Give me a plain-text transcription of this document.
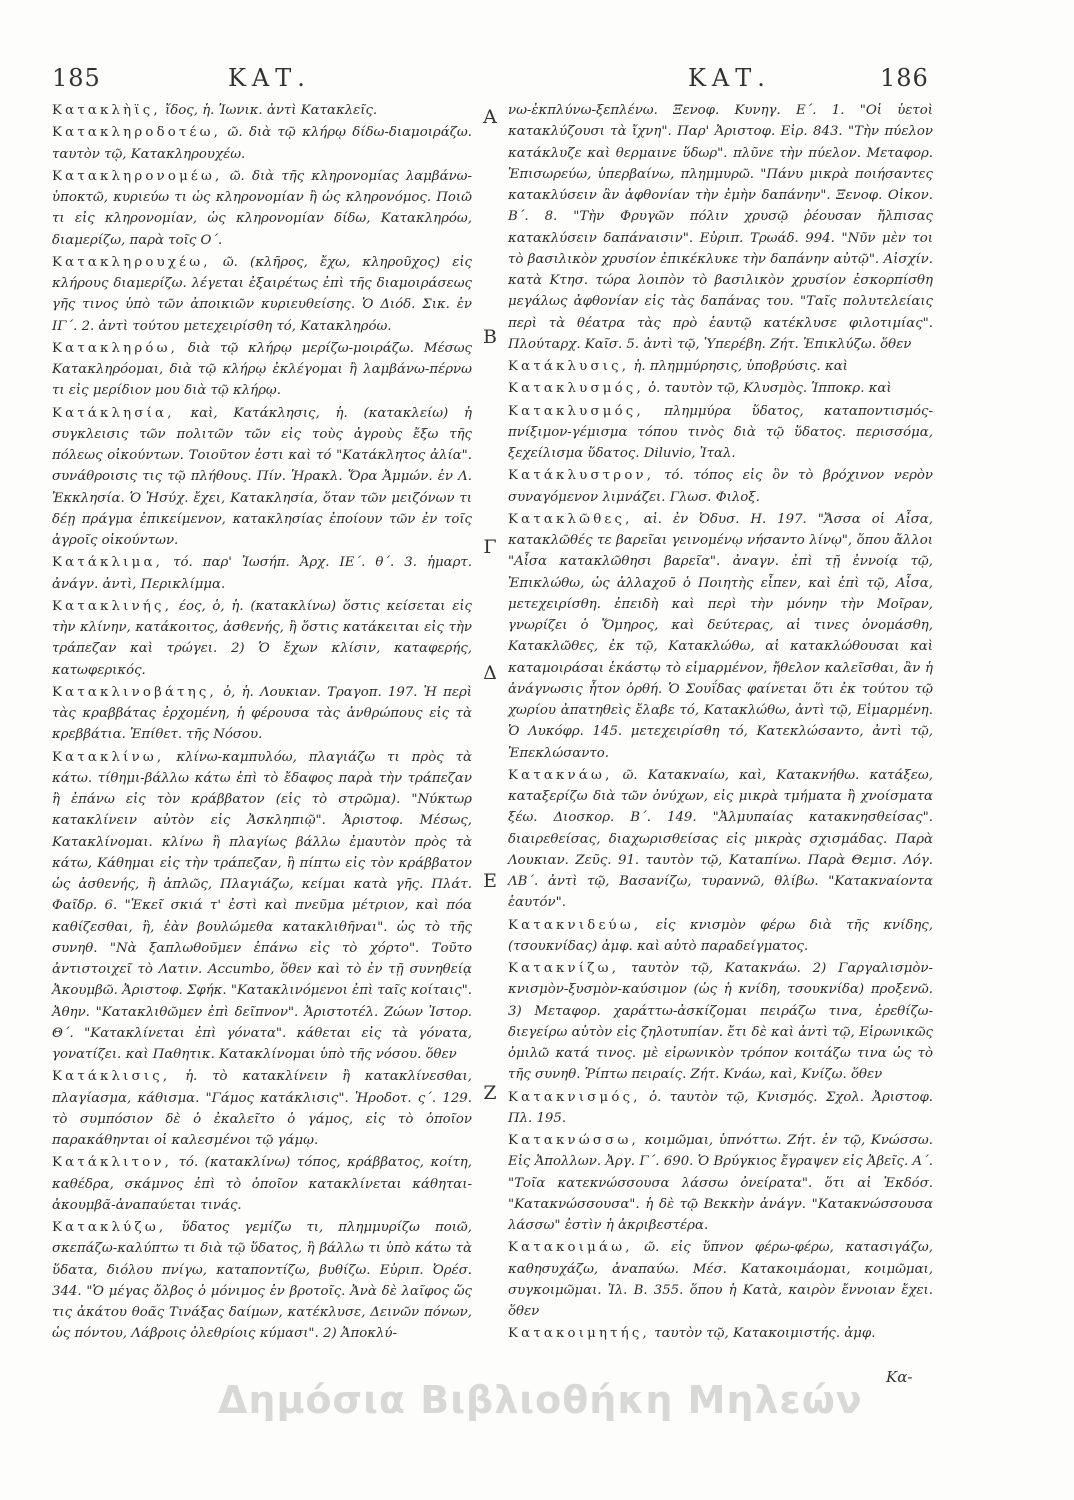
185	ΚΑΤ.	ΚΑΤ.	186

Κατακλὴϊς, ἴδος, ἡ. Ἰωνικ. ἀντὶ Κατακλεῖς.

Κατακληροδοτέω, ῶ. διὰ τῷ κλήρῳ δίδω-διαμοιράζω. ταυτὸν τῷ, Κατακληρουχέω.

Κατακληρονομέω, ῶ. διὰ τῆς κληρονομίας λαμβάνω-ὑποκτῶ, κυριεύω τι ὡς κληρονομίαν ἢ ὡς κληρονόμος. Ποιῶ τι εἰς κληρονομίαν, ὡς κληρονομίαν δίδω, Κατακληρόω, διαμερίζω, παρὰ τοῖς Ο΄.

Κατακληρουχέω, ῶ. (κλῆρος, ἔχω, κληροῦχος) εἰς κλήρους διαμερίζω. λέγεται ἐξαιρέτως ἐπὶ τῆς διαμοιράσεως γῆς τινος ὑπὸ τῶν ἀποικιῶν κυριευθείσης. Ὁ Διόδ. Σικ. ἐν ΙΓ΄. 2. ἀντὶ τούτου μετεχειρίσθη τό, Κατακληρόω.

Κατακληρόω, διὰ τῷ κλήρῳ μερίζω-μοιράζω. Μέσως Κατακληρόομαι, διὰ τῷ κλήρῳ ἐκλέγομαι ἢ λαμβάνω-πέρνω τι εἰς μερίδιον μου διὰ τῷ κλήρῳ.

Κατάκλησία, καὶ, Κατάκλησις, ἡ. (κατακλείω) ἡ συγκλεισις τῶν πολιτῶν τῶν εἰς τοὺς ἀγροὺς ἔξω τῆς πόλεως οἰκούντων. Τοιοῦτον ἐστι καὶ τό "Κατάκλητος ἀλία". συνάθροισις τις τῷ πλήθους. Πίν. Ἡρακλ. Ὅρα Ἀμμών. ἐν Λ. Ἐκκλησία. Ὁ Ἡσύχ. ἔχει, Κατακλησία, ὅταν τῶν μειζόνων τι δέῃ πράγμα ἐπικείμενον, κατακλησίας ἐποίουν τῶν ἐν τοῖς ἀγροῖς οἰκούντων.

Κατάκλιμα, τό. παρ' Ἰωσήπ. Ἀρχ. ΙΕ΄. θ΄. 3. ἡμαρτ. ἀνάγν. ἀντὶ, Περικλίμμα.

Κατακλινής, έος, ὁ, ἡ. (κατακλίνω) ὅστις κείσεται εἰς τὴν κλίνην, κατάκοιτος, ἀσθενής, ἢ ὅστις κατάκειται εἰς τὴν τράπεζαν καὶ τρώγει. 2) Ὁ ἔχων κλίσιν, καταφερής, κατωφερικός.

Κατακλινοβάτης, ὁ, ἡ. Λουκιαν. Τραγοπ. 197. Ἡ περὶ τὰς κραββάτας ἐρχομένη, ἡ φέρουσα τὰς ἀνθρώπους εἰς τὰ κρεββάτια. Ἐπίθετ. τῆς Νόσου.

Κατακλίνω, κλίνω-καμπυλόω, πλαγιάζω τι πρὸς τὰ κάτω. τίθημι-βάλλω κάτω ἐπὶ τὸ ἔδαφος παρὰ τὴν τράπεζαν ἢ ἐπάνω εἰς τὸν κράββατον (εἰς τὸ στρῶμα). "Νύκτωρ κατακλίνειν αὐτὸν εἰς Ἀσκληπιῷ". Ἀριστοφ. Μέσως, Κατακλίνομαι. κλίνω ἢ πλαγίως βάλλω ἐμαυτὸν πρὸς τὰ κάτω, Κάθημαι εἰς τὴν τράπεζαν, ἢ πίπτω εἰς τὸν κράββατον ὡς ἀσθενής, ἢ ἀπλῶς, Πλαγιάζω, κείμαι κατὰ γῆς. Πλάτ. Φαῖδρ. 6. "Ἐκεῖ σκιά τ' ἐστὶ καὶ πνεῦμα μέτριον, καὶ πόα καθίζεσθαι, ἢ, ἐὰν βουλώμεθα κατακλιθῆναι". ὡς τὸ τῆς συνηθ. "Νὰ ξαπλωθοῦμεν ἐπάνω εἰς τὸ χόρτο". Τοῦτο ἀντιστοιχεῖ τὸ Λατιν. Accumbo, ὅθεν καὶ τὸ ἐν τῇ συνηθείᾳ Ἀκουμβῶ. Ἀριστοφ. Σφήκ. "Κατακλινόμενοι ἐπὶ ταῖς κοίταις". Ἀθην. "Κατακλιθῶμεν ἐπὶ δεῖπνον". Ἀριστοτέλ. Ζώων Ἱστορ. Θ΄. "Κατακλίνεται ἐπὶ γόνατα". κάθεται εἰς τὰ γόνατα, γονατίζει. καὶ Παθητικ. Κατακλίνομαι ὑπὸ τῆς νόσου. ὅθεν

Κατάκλισις, ἡ. τὸ κατακλίνειν ἢ κατακλίνεσθαι, πλαγίασμα, κάθισμα. "Γάμος κατάκλισις". Ἡροδοτ. ς΄. 129. τὸ συμπόσιον δὲ ὁ ἐκαλεῖτο ὁ γάμος, εἰς τὸ ὁποῖον παρακάθηνται οἱ καλεσμένοι τῷ γάμῳ.

Κατάκλιτον, τό. (κατακλίνω) τόπος, κράββατος, κοίτη, καθέδρα, σκάμνος ἐπὶ τὸ ὁποῖον κατακλίνεται κάθηται-ἀκουμβᾶ-ἀναπαύεται τινάς.

Κατακλύζω, ὕδατος γεμίζω τι, πλημμυρίζω ποιῶ, σκεπάζω-καλύπτω τι διὰ τῷ ὕδατος, ἢ βάλλω τι ὑπὸ κάτω τὰ ὕδατα, διόλου πνίγω, καταποντίζω, βυθίζω. Εὐριπ. Ὀρέσ. 344. "Ὁ μέγας ὄλβος ὁ μόνιμος ἐν βροτοῖς. Ἀνὰ δὲ λαῖφος ὥς τις ἀκάτου θοᾶς Τινάξας δαίμων, κατέκλυσε, Δεινῶν πόνων, ὡς πόντου, Λάβροις ὀλεθρίοις κύμασι". 2) Ἀποκλύ-

Α
Β
Γ
Δ
Ε
Ζ

νω-ἐκπλύνω-ξεπλένω. Ξενοφ. Κυνηγ. Ε΄. 1. "Οἱ ὑετοὶ κατακλύζουσι τὰ ἴχνη". Παρ' Ἀριστοφ. Εἰρ. 843. "Τὴν πύελον κατάκλυζε καὶ θερμαινε ὕδωρ". πλῦνε τὴν πύελον. Μεταφορ. Ἐπισωρεύω, ὑπερβαίνω, πλημμυρῶ. "Πάνυ μικρὰ ποιήσαντες κατακλύσειν ἂν ἀφθονίαν τὴν ἐμὴν δαπάνην". Ξενοφ. Οἰκον. Β΄. 8. "Τὴν Φρυγῶν πόλιν χρυσῷ ῥέουσαν ἤλπισας κατακλύσειν δαπάναισιν". Εὐριπ. Τρωάδ. 994. "Νῦν μὲν τοι τὸ βασιλικὸν χρυσίον ἐπικέκλυκε τὴν δαπάνην αὐτῷ". Αἰσχίν. κατὰ Κτησ. τώρα λοιπὸν τὸ βασιλικὸν χρυσίον ἐσκορπίσθη μεγάλως ἀφθονίαν εἰς τὰς δαπάνας του. "Ταῖς πολυτελείαις περὶ τὰ θέατρα τὰς πρὸ ἑαυτῷ κατέκλυσε φιλοτιμίας". Πλούταρχ. Καῖσ. 5. ἀντὶ τῷ, Ὑπερέβη. Ζήτ. Ἐπικλύζω. ὅθεν

Κατάκλυσις, ἡ. πλημμύρησις, ὑποβρύσις. καὶ

Κατακλυσμός, ὁ. ταυτὸν τῷ, Κλυσμὸς. Ἱπποκρ. καὶ

Κατακλυσμός, πλημμύρα ὕδατος, καταποντισμός-πνίξιμον-γέμισμα τόπου τινὸς διὰ τῷ ὕδατος. περισσόμα, ξεχείλισμα ὕδατος. Diluvio, Ἰταλ.

Κατάκλυστρον, τό. τόπος εἰς ὃν τὸ βρόχινον νερὸν συναγόμενον λιμνάζει. Γλωσ. Φιλοξ.

Κατακλῶθες, αἱ. ἐν Ὀδυσ. Η. 197. "Ἄσσα οἱ Αἶσα, κατακλῶθές τε βαρεῖαι γεινομένῳ νήσαντο λίνῳ", ὅπου ἄλλοι "Αἶσα κατακλῶθησι βαρεῖα". ἀναγν. ἐπὶ τῇ ἐννοίᾳ τῷ, Ἐπικλώθω, ὡς ἀλλαχοῦ ὁ Ποιητὴς εἶπεν, καὶ ἐπὶ τῷ, Αἶσα, μετεχειρίσθη. ἐπειδὴ καὶ περὶ τὴν μόνην τὴν Μοῖραν, γνωρίζει ὁ Ὅμηρος, καὶ δεύτερας, αἱ τινες ὀνομάσθη, Κατακλῶθες, ἐκ τῷ, Κατακλώθω, αἱ κατακλώθουσαι καὶ καταμοιράσαι ἑκάστῳ τὸ εἱμαρμένον, ἤθελον καλεῖσθαι, ἂν ἡ ἀνάγνωσις ἦτον ὀρθή. Ὁ Σουΐδας φαίνεται ὅτι ἐκ τούτου τῷ χωρίου ἀπατηθεὶς ἔλαβε τό, Κατακλώθω, ἀντὶ τῷ, Εἱμαρμένη. Ὁ Λυκόφρ. 145. μετεχειρίσθη τό, Κατεκλώσαντο, ἀντὶ τῷ, Ἐπεκλώσαντο.

Κατακνάω, ῶ. Κατακναίω, καὶ, Κατακνήθω. κατάξεω, καταξερίζω διὰ τῶν ὀνύχων, εἰς μικρὰ τμήματα ἢ χνοίσματα ξέω. Διοσκορ. Β΄. 149. "Ἀλμυπαίας κατακνησθείσας". διαιρεθείσας, διαχωρισθείσας εἰς μικρὰς σχισμάδας. Παρὰ Λουκιαν. Ζεῦς. 91. ταυτὸν τῷ, Καταπίνω. Παρὰ Θεμισ. Λόγ. ΛΒ΄. ἀντὶ τῷ, Βασανίζω, τυραννῶ, θλίβω. "Κατακναίοντα ἑαυτόν".

Κατακνιδεύω, εἰς κνισμὸν φέρω διὰ τῆς κνίδης, (τσουκνίδας) ἀμφ. καὶ αὐτὸ παραδείγματος.

Κατακνίζω, ταυτὸν τῷ, Κατακνάω. 2) Γαργαλισμὸν-κνισμὸν-ξυσμὸν-καύσιμον (ὡς ἡ κνίδη, τσουκνίδα) προξενῶ. 3) Μεταφορ. χαράττω-ἀσκίζομαι πειράζω τινα, ἐρεθίζω-διεγείρω αὐτὸν εἰς ζηλοτυπίαν. ἔτι δὲ καὶ ἀντὶ τῷ, Εἰρωνικῶς ὁμιλῶ κατά τινος. μὲ εἰρωνικὸν τρόπον κοιτάζω τινα ὡς τὸ τῆς συνηθ. Ῥίπτω πειραίς. Ζήτ. Κνάω, καὶ, Κνίζω. ὅθεν

Κατακνισμός, ὁ. ταυτὸν τῷ, Κνισμός. Σχολ. Ἀριστοφ. Πλ. 195.

Κατακνώσσω, κοιμῶμαι, ὑπνόττω. Ζήτ. ἐν τῷ, Κνώσσω. Εἰς Ἀπολλων. Ἀργ. Γ΄. 690. Ὁ Βρύγκιος ἔγραψεν εἰς Ἀβεῖς. Α΄. "Τοῖα κατεκνώσσουσα λάσσω ὀνείρατα". ὅτι αἱ Ἐκδόσ. "Κατακνώσσουσα". ἡ δὲ τῷ Βεκκὴν ἀνάγν. "Κατακνώσσουσα λάσσω" ἐστὶν ἡ ἀκριβεστέρα.

Κατακοιμάω, ῶ. εἰς ὕπνον φέρω-φέρω, κατασιγάζω, καθησυχάζω, ἀναπαύω. Μέσ. Κατακοιμάομαι, κοιμῶμαι, συγκοιμῶμαι. Ἰλ. Β. 355. ὅπου ἡ Κατὰ, καιρὸν ἔννοιαν ἔχει. ὅθεν

Κατακοιμητής, ταυτὸν τῷ, Κατακοιμιστής. ἀμφ.

Δημόσια Βιβλιοθήκη Μηλεών
Κα-
